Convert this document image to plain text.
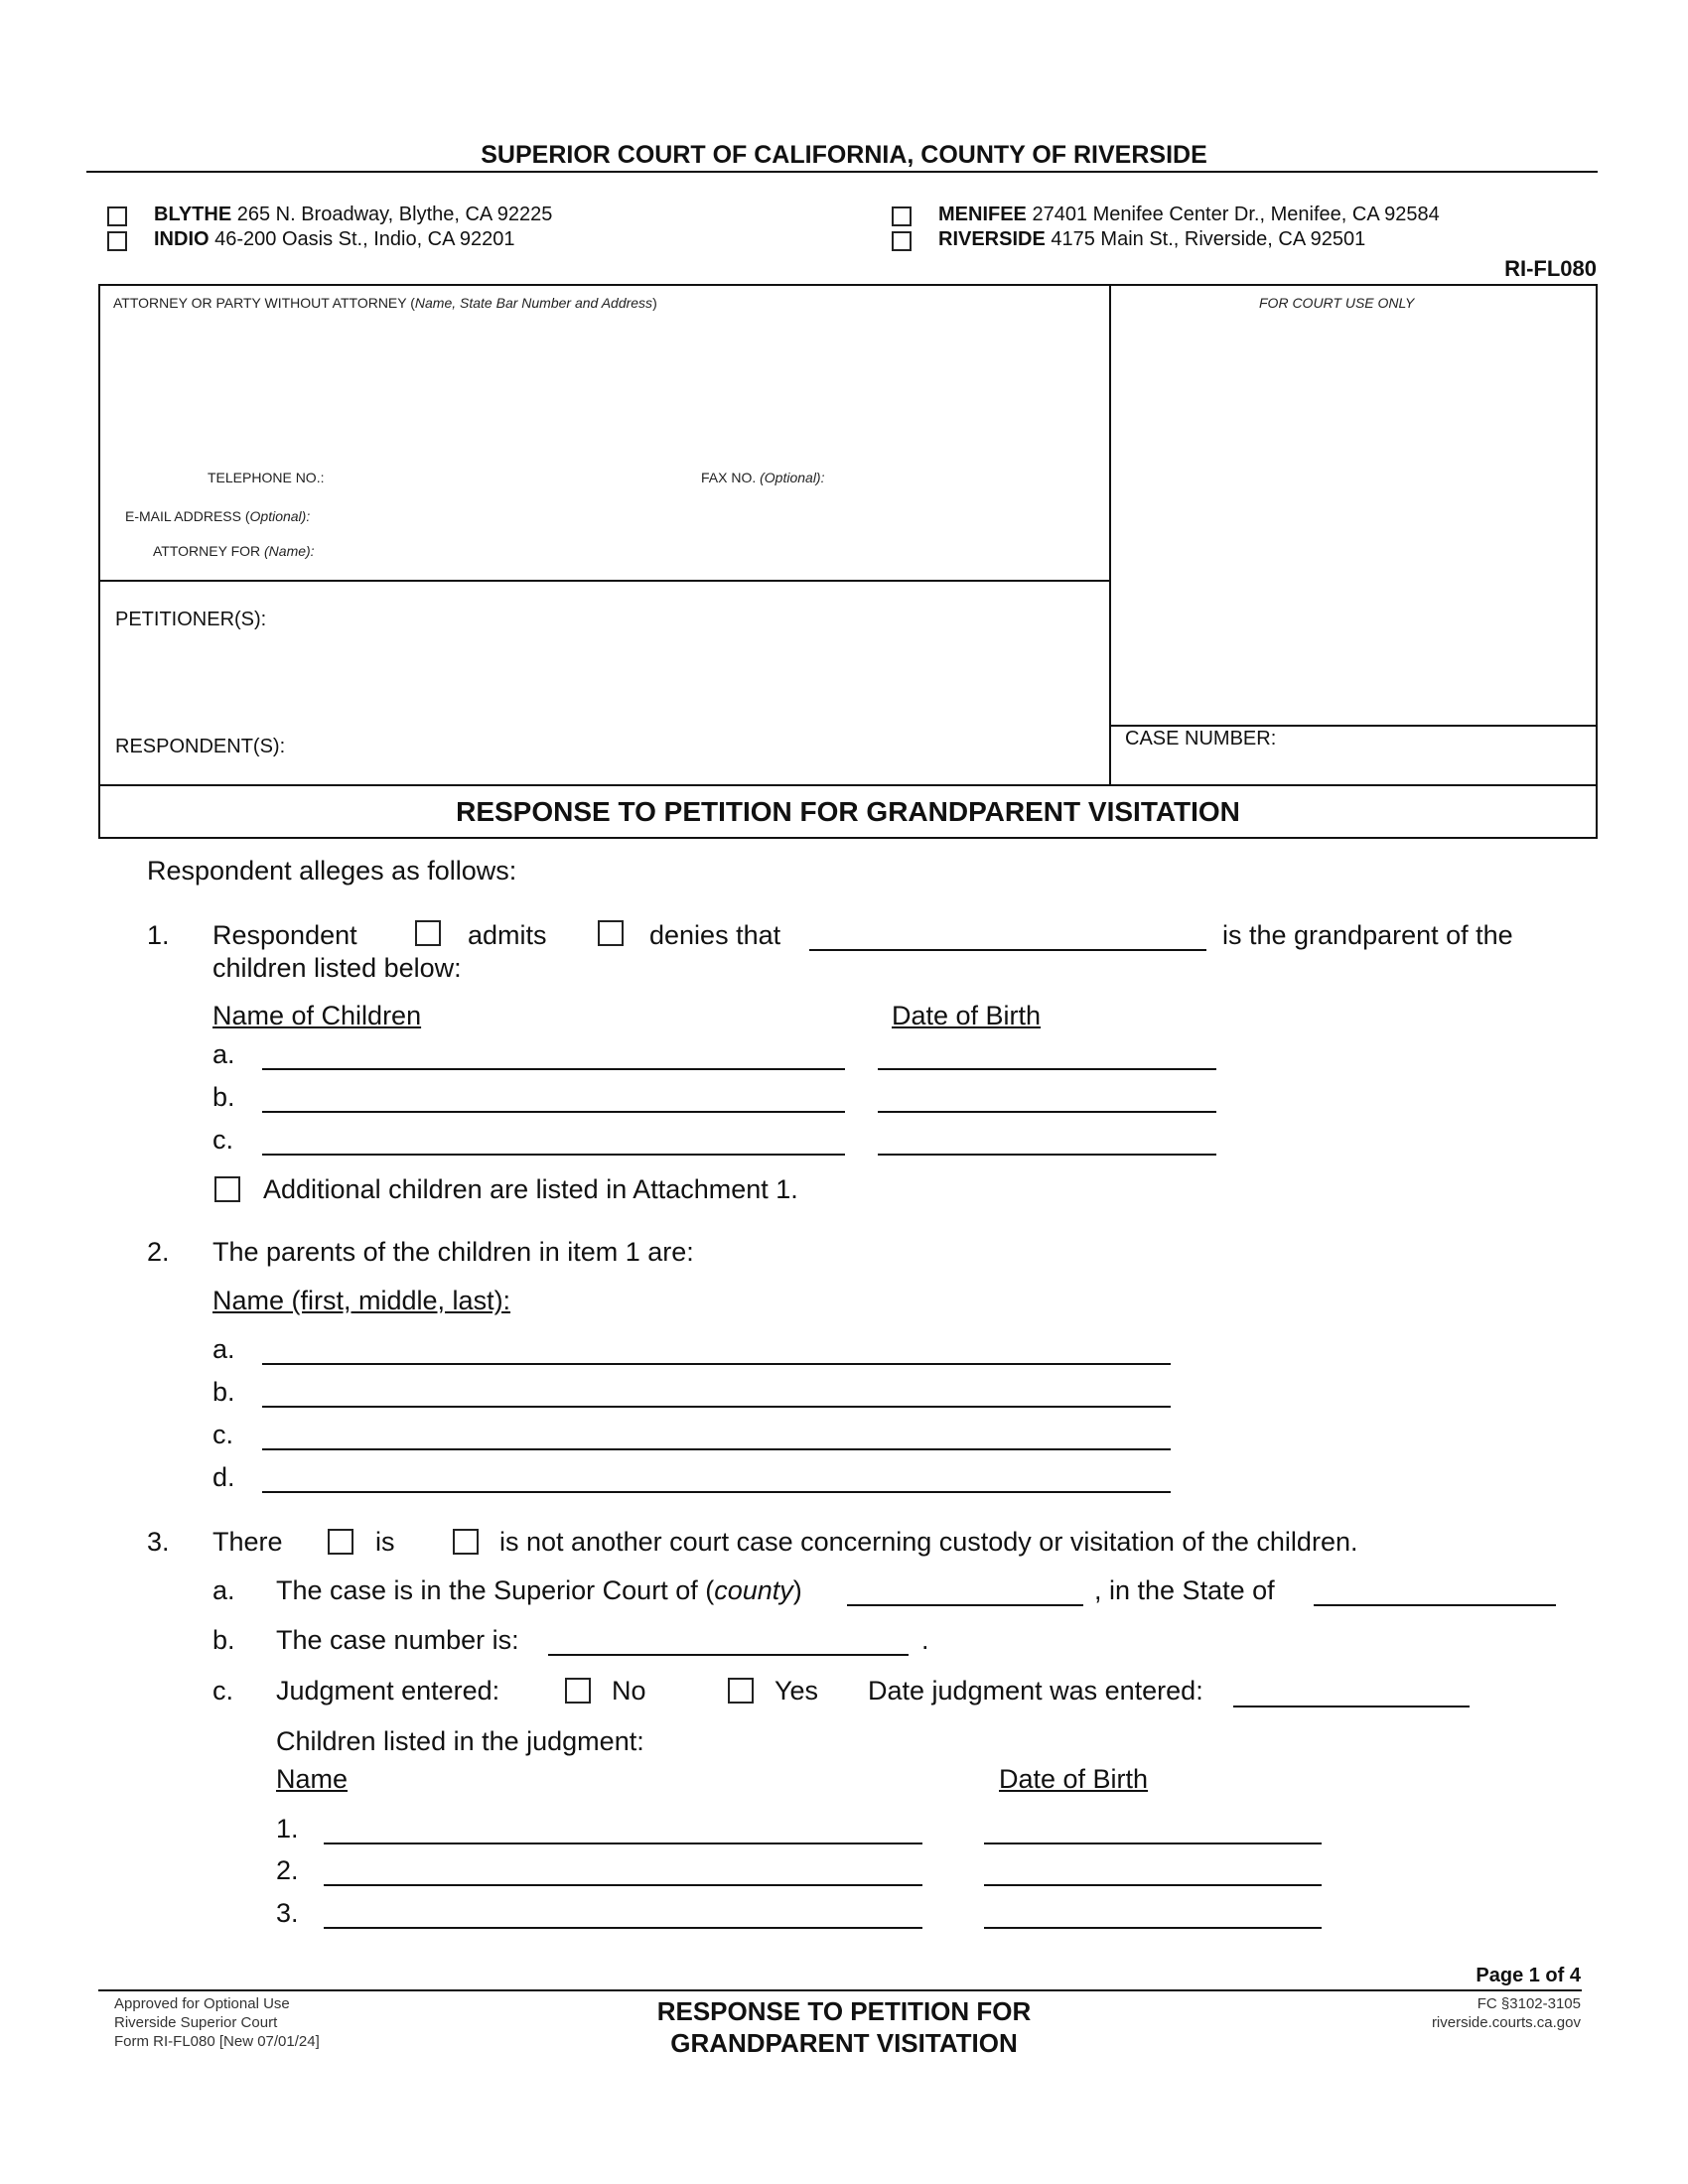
SUPERIOR COURT OF CALIFORNIA, COUNTY OF RIVERSIDE
BLYTHE 265 N. Broadway, Blythe, CA 92225
INDIO 46-200 Oasis St., Indio, CA 92201
MENIFEE 27401 Menifee Center Dr., Menifee, CA 92584
RIVERSIDE 4175 Main St., Riverside, CA 92501
RI-FL080
ATTORNEY OR PARTY WITHOUT ATTORNEY (Name, State Bar Number and Address)	FOR COURT USE ONLY
TELEPHONE NO.:	FAX NO. (Optional):
E-MAIL ADDRESS (Optional):
ATTORNEY FOR (Name):
PETITIONER(S):
RESPONDENT(S):	CASE NUMBER:
RESPONSE TO PETITION FOR GRANDPARENT VISITATION
Respondent alleges as follows:
1. Respondent	admits	denies that	is the grandparent of the
children listed below:
Name of Children	Date of Birth
a.
b.
c.
Additional children are listed in Attachment 1.
2. The parents of the children in item 1 are:
Name (first, middle, last):
a.
b.
c.
d.
3. There	is	is not another court case concerning custody or visitation of the children.
a. The case is in the Superior Court of (county)	, in the State of
b. The case number is:	.
c. Judgment entered:	No	Yes Date judgment was entered:
Children listed in the judgment:
Name	Date of Birth
1.
2.
3.
Page 1 of 4
Approved for Optional Use
Riverside Superior Court
Form RI-FL080 [New 07/01/24]
RESPONSE TO PETITION FOR
GRANDPARENT VISITATION
FC §3102-3105
riverside.courts.ca.gov
